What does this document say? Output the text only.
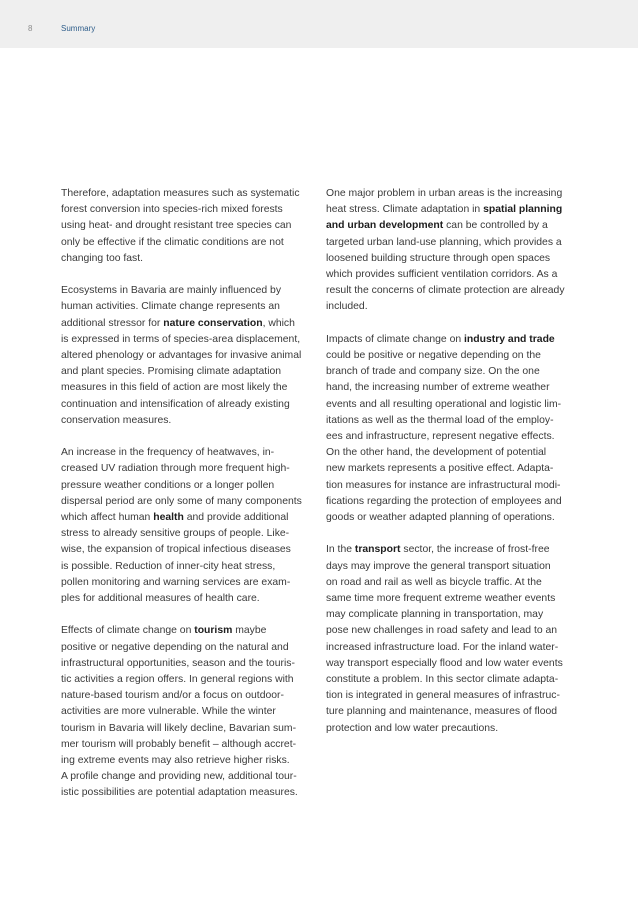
8	Summary

Therefore, adaptation measures such as systematic
forest conversion into species-rich mixed forests
using heat- and drought resistant tree species can
only be effective if the climatic conditions are not
changing too fast.

Ecosystems in Bavaria are mainly influenced by
human activities. Climate change represents an
additional stressor for nature conservation, which
is expressed in terms of species-area displacement,
altered phenology or advantages for invasive animal
and plant species. Promising climate adaptation
measures in this field of action are most likely the
continuation and intensification of already existing
conservation measures.

An increase in the frequency of heatwaves, in-
creased UV radiation through more frequent high-
pressure weather conditions or a longer pollen
dispersal period are only some of many components
which affect human health and provide additional
stress to already sensitive groups of people. Like-
wise, the expansion of tropical infectious diseases
is possible. Reduction of inner-city heat stress,
pollen monitoring and warning services are exam-
ples for additional measures of health care.

Effects of climate change on tourism maybe
positive or negative depending on the natural and
infrastructural opportunities, season and the touris-
tic activities a region offers. In general regions with
nature-based tourism and/or a focus on outdoor-
activities are more vulnerable. While the winter
tourism in Bavaria will likely decline, Bavarian sum-
mer tourism will probably benefit – although accret-
ing extreme events may also retrieve higher risks.
A profile change and providing new, additional tour-
istic possibilities are potential adaptation measures.

One major problem in urban areas is the increasing
heat stress. Climate adaptation in spatial planning
and urban development can be controlled by a
targeted urban land-use planning, which provides a
loosened building structure through open spaces
which provides sufficient ventilation corridors. As a
result the concerns of climate protection are already
included.

Impacts of climate change on industry and trade
could be positive or negative depending on the
branch of trade and company size. On the one
hand, the increasing number of extreme weather
events and all resulting operational and logistic lim-
itations as well as the thermal load of the employ-
ees and infrastructure, represent negative effects.
On the other hand, the development of potential
new markets represents a positive effect. Adapta-
tion measures for instance are infrastructural modi-
fications regarding the protection of employees and
goods or weather adapted planning of operations.

In the transport sector, the increase of frost-free
days may improve the general transport situation
on road and rail as well as bicycle traffic. At the
same time more frequent extreme weather events
may complicate planning in transportation, may
pose new challenges in road safety and lead to an
increased infrastructure load. For the inland water-
way transport especially flood and low water events
constitute a problem. In this sector climate adapta-
tion is integrated in general measures of infrastruc-
ture planning and maintenance, measures of flood
protection and low water precautions.
